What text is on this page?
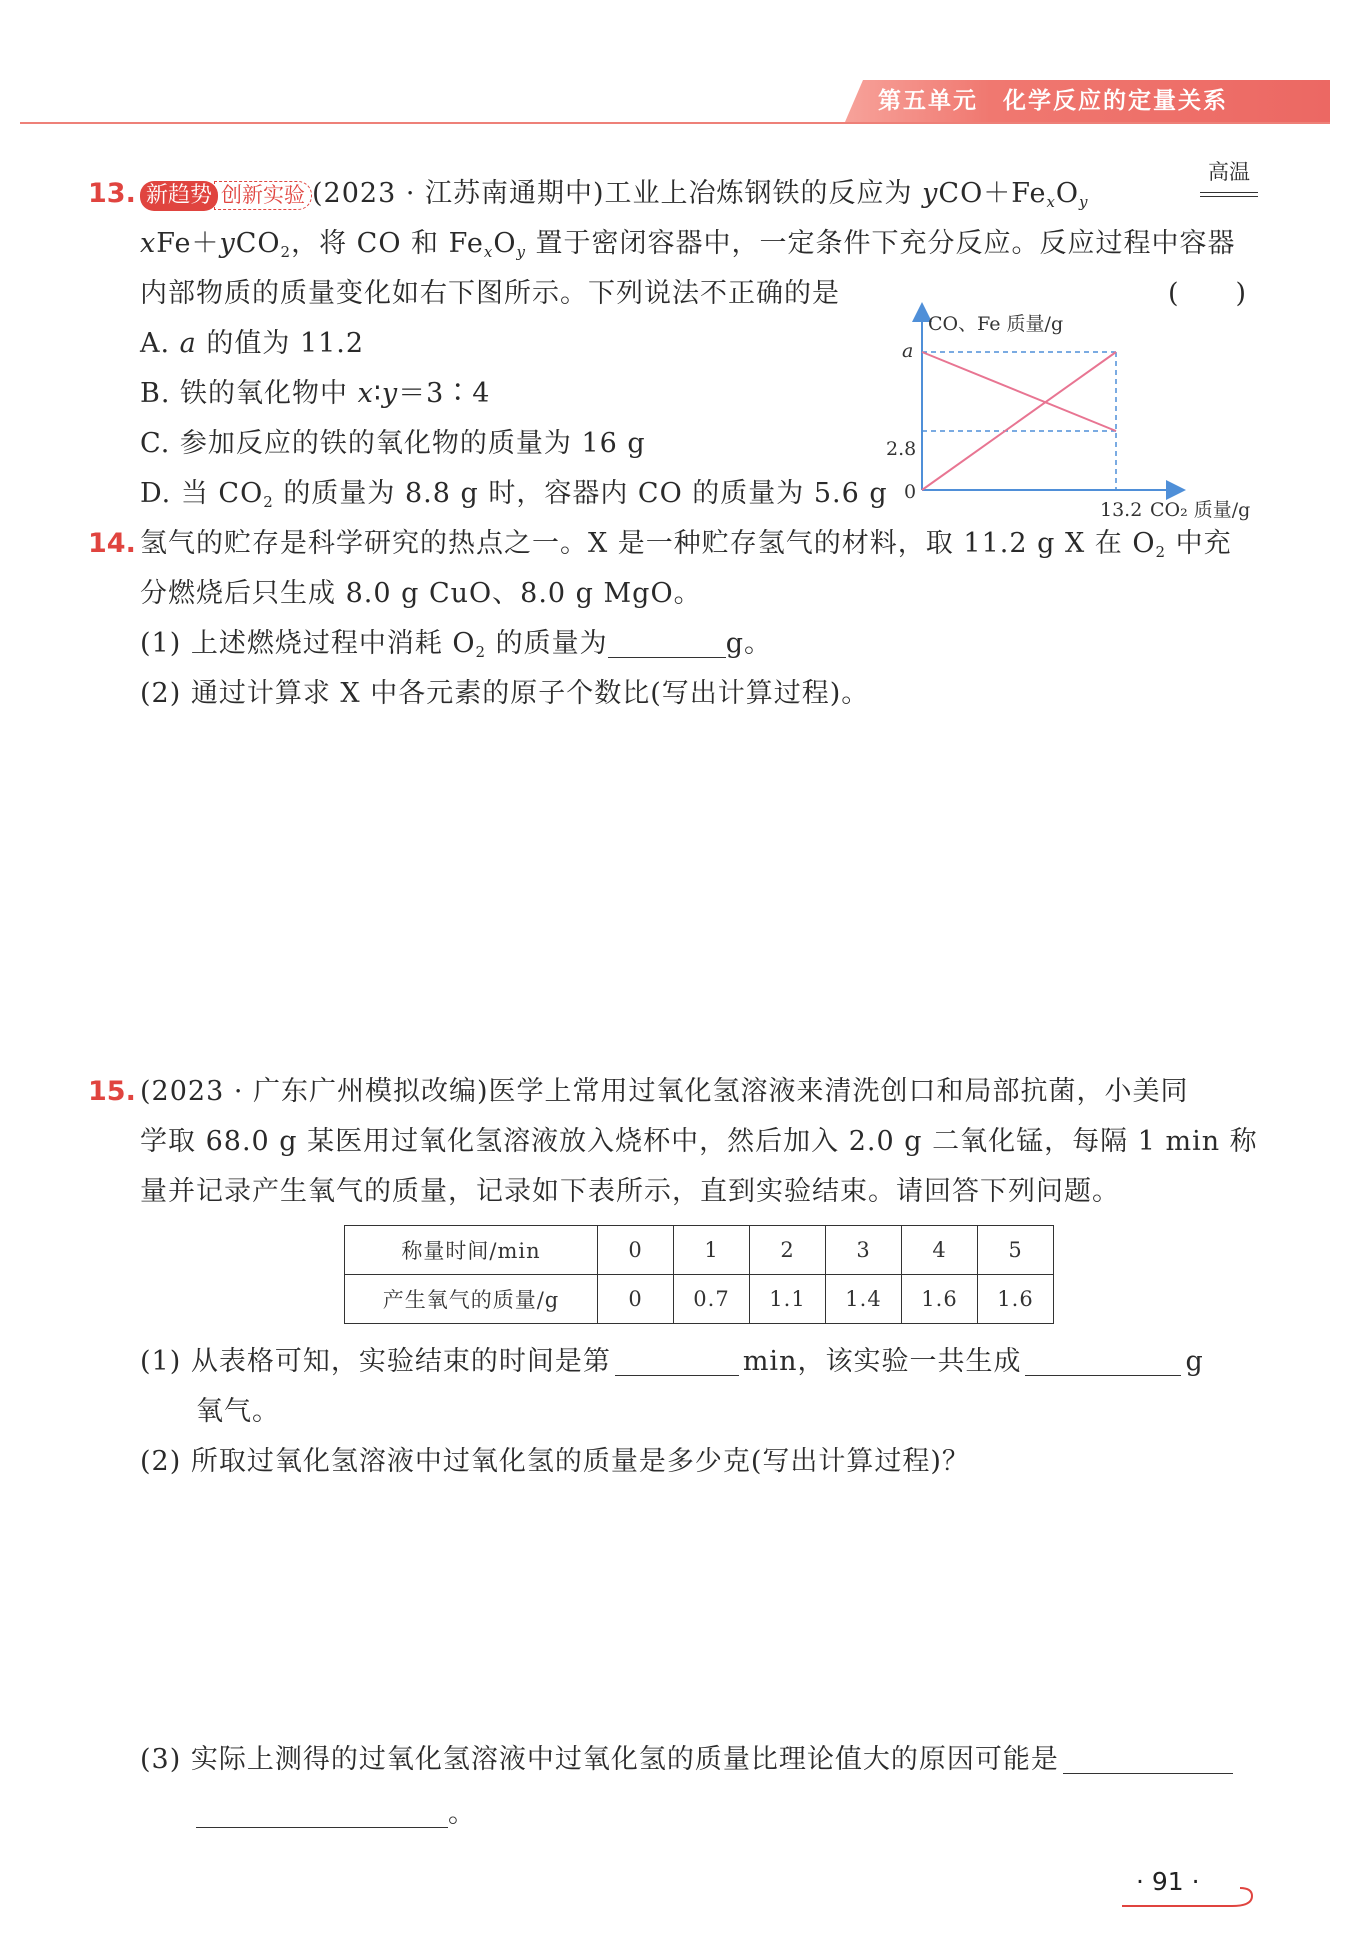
第五单元　化学反应的定量关系
13. 新趋势 创新实验 (2023 · 江苏南通期中)工业上冶炼钢铁的反应为 $yCO+Fe_xO_y$
高温
xFe＋yCO$_2$，将 CO 和 $Fe_xO_y$ 置于密闭容器中，一定条件下充分反应。反应过程中容器
内部物质的质量变化如右下图所示。下列说法不正确的是	(　　)
A. a 的值为 11.2
B. 铁的氧化物中 x∶y＝3∶4
C. 参加反应的铁的氧化物的质量为 16 g
D. 当 $CO_2$ 的质量为 8.8 g 时，容器内 CO 的质量为 5.6 g
CO、Fe 质量/g
a
2.8
0
13.2 CO₂ 质量/g
14. 氢气的贮存是科学研究的热点之一。X 是一种贮存氢气的材料，取 11.2 g X 在 $O_2$ 中充
分燃烧后只生成 8.0 g CuO、8.0 g MgO。
(1) 上述燃烧过程中消耗 $O_2$ 的质量为	g。
(2) 通过计算求 X 中各元素的原子个数比(写出计算过程)。
15. (2023 · 广东广州模拟改编)医学上常用过氧化氢溶液来清洗创口和局部抗菌，小美同
学取 68.0 g 某医用过氧化氢溶液放入烧杯中，然后加入 2.0 g 二氧化锰，每隔 1 min 称
量并记录产生氧气的质量，记录如下表所示，直到实验结束。请回答下列问题。
称量时间/min	0	1	2	3	4	5
产生氧气的质量/g	0	0.7	1.1	1.4	1.6	1.6
(1) 从表格可知，实验结束的时间是第	min，该实验一共生成	g
氧气。
(2) 所取过氧化氢溶液中过氧化氢的质量是多少克(写出计算过程)？
(3) 实际上测得的过氧化氢溶液中过氧化氢的质量比理论值大的原因可能是
。
· 91 ·
